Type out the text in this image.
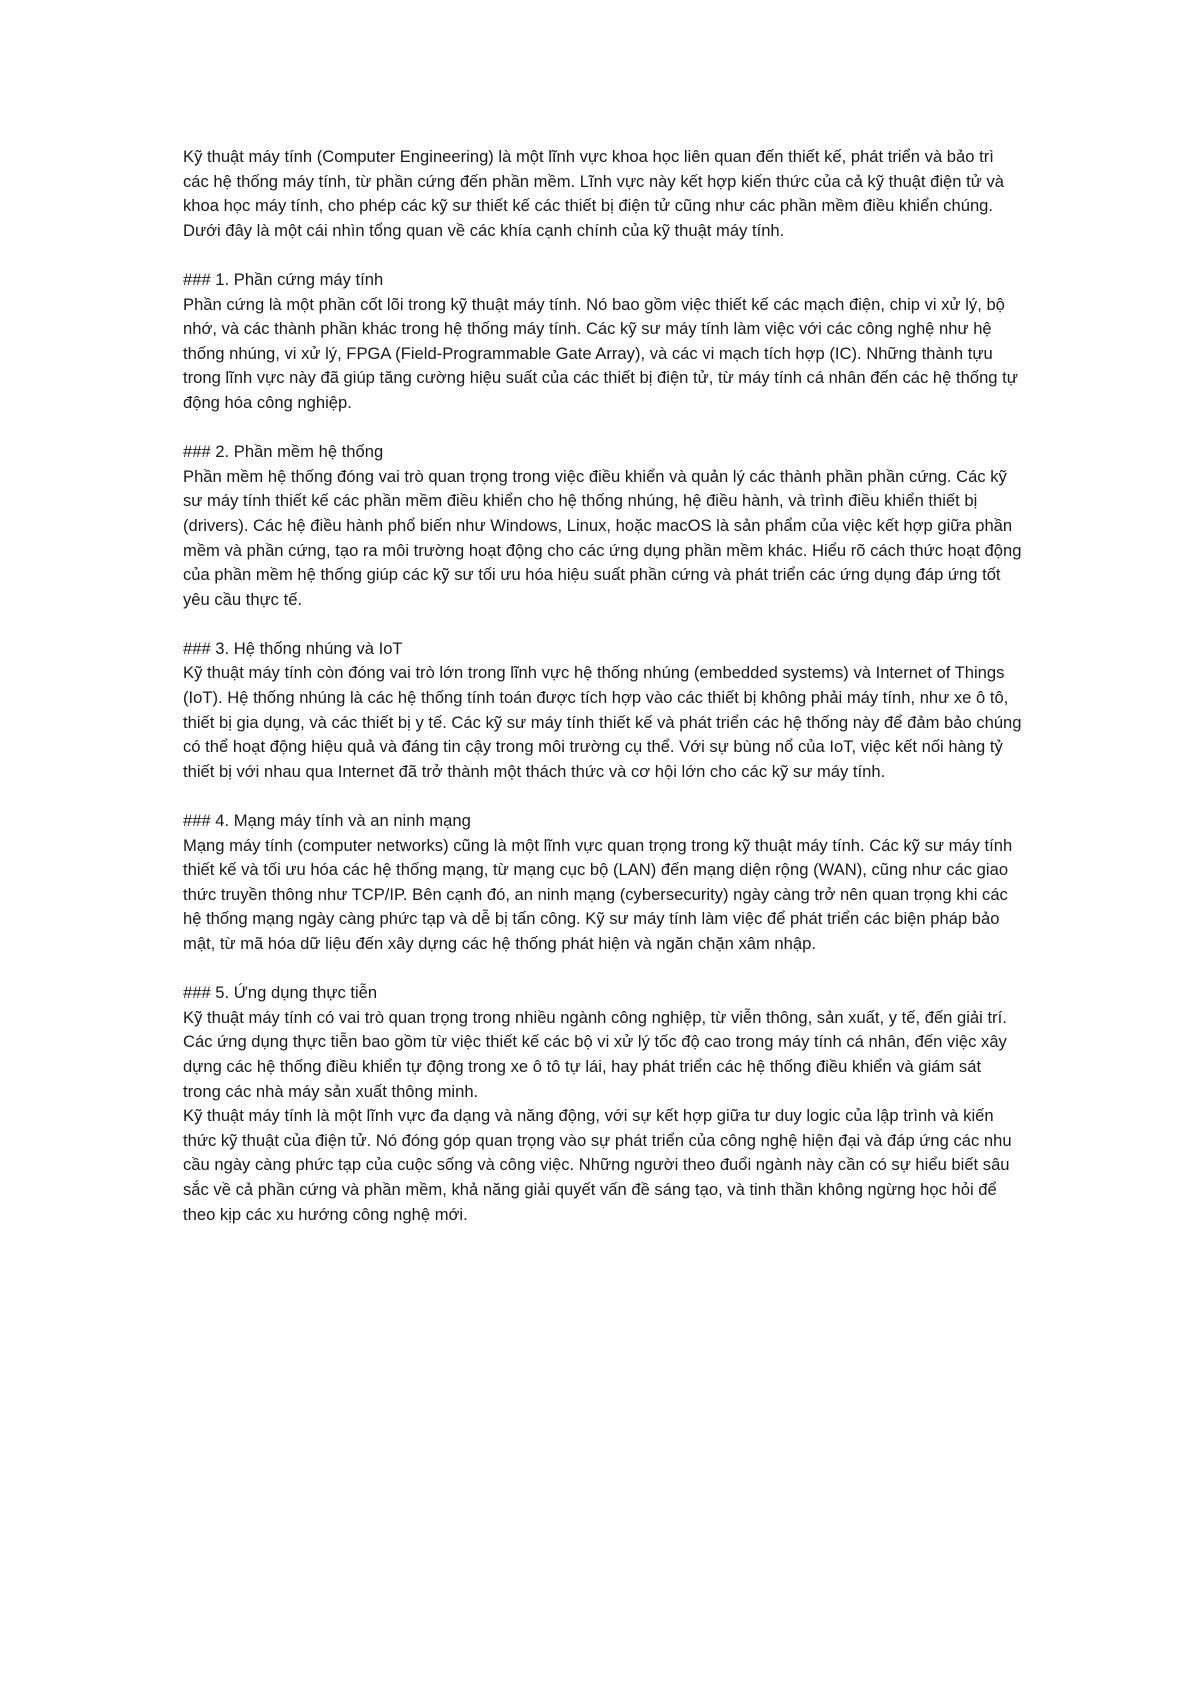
Kỹ thuật máy tính (Computer Engineering) là một lĩnh vực khoa học liên quan đến thiết kế, phát triển và bảo trì các hệ thống máy tính, từ phần cứng đến phần mềm. Lĩnh vực này kết hợp kiến thức của cả kỹ thuật điện tử và khoa học máy tính, cho phép các kỹ sư thiết kế các thiết bị điện tử cũng như các phần mềm điều khiển chúng. Dưới đây là một cái nhìn tổng quan về các khía cạnh chính của kỹ thuật máy tính.

### 1. Phần cứng máy tính

Phần cứng là một phần cốt lõi trong kỹ thuật máy tính. Nó bao gồm việc thiết kế các mạch điện, chip vi xử lý, bộ nhớ, và các thành phần khác trong hệ thống máy tính. Các kỹ sư máy tính làm việc với các công nghệ như hệ thống nhúng, vi xử lý, FPGA (Field-Programmable Gate Array), và các vi mạch tích hợp (IC). Những thành tựu trong lĩnh vực này đã giúp tăng cường hiệu suất của các thiết bị điện tử, từ máy tính cá nhân đến các hệ thống tự động hóa công nghiệp.

### 2. Phần mềm hệ thống

Phần mềm hệ thống đóng vai trò quan trọng trong việc điều khiển và quản lý các thành phần phần cứng. Các kỹ sư máy tính thiết kế các phần mềm điều khiển cho hệ thống nhúng, hệ điều hành, và trình điều khiển thiết bị (drivers). Các hệ điều hành phổ biến như Windows, Linux, hoặc macOS là sản phẩm của việc kết hợp giữa phần mềm và phần cứng, tạo ra môi trường hoạt động cho các ứng dụng phần mềm khác. Hiểu rõ cách thức hoạt động của phần mềm hệ thống giúp các kỹ sư tối ưu hóa hiệu suất phần cứng và phát triển các ứng dụng đáp ứng tốt yêu cầu thực tế.

### 3. Hệ thống nhúng và IoT

Kỹ thuật máy tính còn đóng vai trò lớn trong lĩnh vực hệ thống nhúng (embedded systems) và Internet of Things (IoT). Hệ thống nhúng là các hệ thống tính toán được tích hợp vào các thiết bị không phải máy tính, như xe ô tô, thiết bị gia dụng, và các thiết bị y tế. Các kỹ sư máy tính thiết kế và phát triển các hệ thống này để đảm bảo chúng có thể hoạt động hiệu quả và đáng tin cậy trong môi trường cụ thể. Với sự bùng nổ của IoT, việc kết nối hàng tỷ thiết bị với nhau qua Internet đã trở thành một thách thức và cơ hội lớn cho các kỹ sư máy tính.

### 4. Mạng máy tính và an ninh mạng

Mạng máy tính (computer networks) cũng là một lĩnh vực quan trọng trong kỹ thuật máy tính. Các kỹ sư máy tính thiết kế và tối ưu hóa các hệ thống mạng, từ mạng cục bộ (LAN) đến mạng diện rộng (WAN), cũng như các giao thức truyền thông như TCP/IP. Bên cạnh đó, an ninh mạng (cybersecurity) ngày càng trở nên quan trọng khi các hệ thống mạng ngày càng phức tạp và dễ bị tấn công. Kỹ sư máy tính làm việc để phát triển các biện pháp bảo mật, từ mã hóa dữ liệu đến xây dựng các hệ thống phát hiện và ngăn chặn xâm nhập.

### 5. Ứng dụng thực tiễn

Kỹ thuật máy tính có vai trò quan trọng trong nhiều ngành công nghiệp, từ viễn thông, sản xuất, y tế, đến giải trí. Các ứng dụng thực tiễn bao gồm từ việc thiết kế các bộ vi xử lý tốc độ cao trong máy tính cá nhân, đến việc xây dựng các hệ thống điều khiển tự động trong xe ô tô tự lái, hay phát triển các hệ thống điều khiển và giám sát trong các nhà máy sản xuất thông minh.

Kỹ thuật máy tính là một lĩnh vực đa dạng và năng động, với sự kết hợp giữa tư duy logic của lập trình và kiến thức kỹ thuật của điện tử. Nó đóng góp quan trọng vào sự phát triển của công nghệ hiện đại và đáp ứng các nhu cầu ngày càng phức tạp của cuộc sống và công việc. Những người theo đuổi ngành này cần có sự hiểu biết sâu sắc về cả phần cứng và phần mềm, khả năng giải quyết vấn đề sáng tạo, và tinh thần không ngừng học hỏi để theo kịp các xu hướng công nghệ mới.
